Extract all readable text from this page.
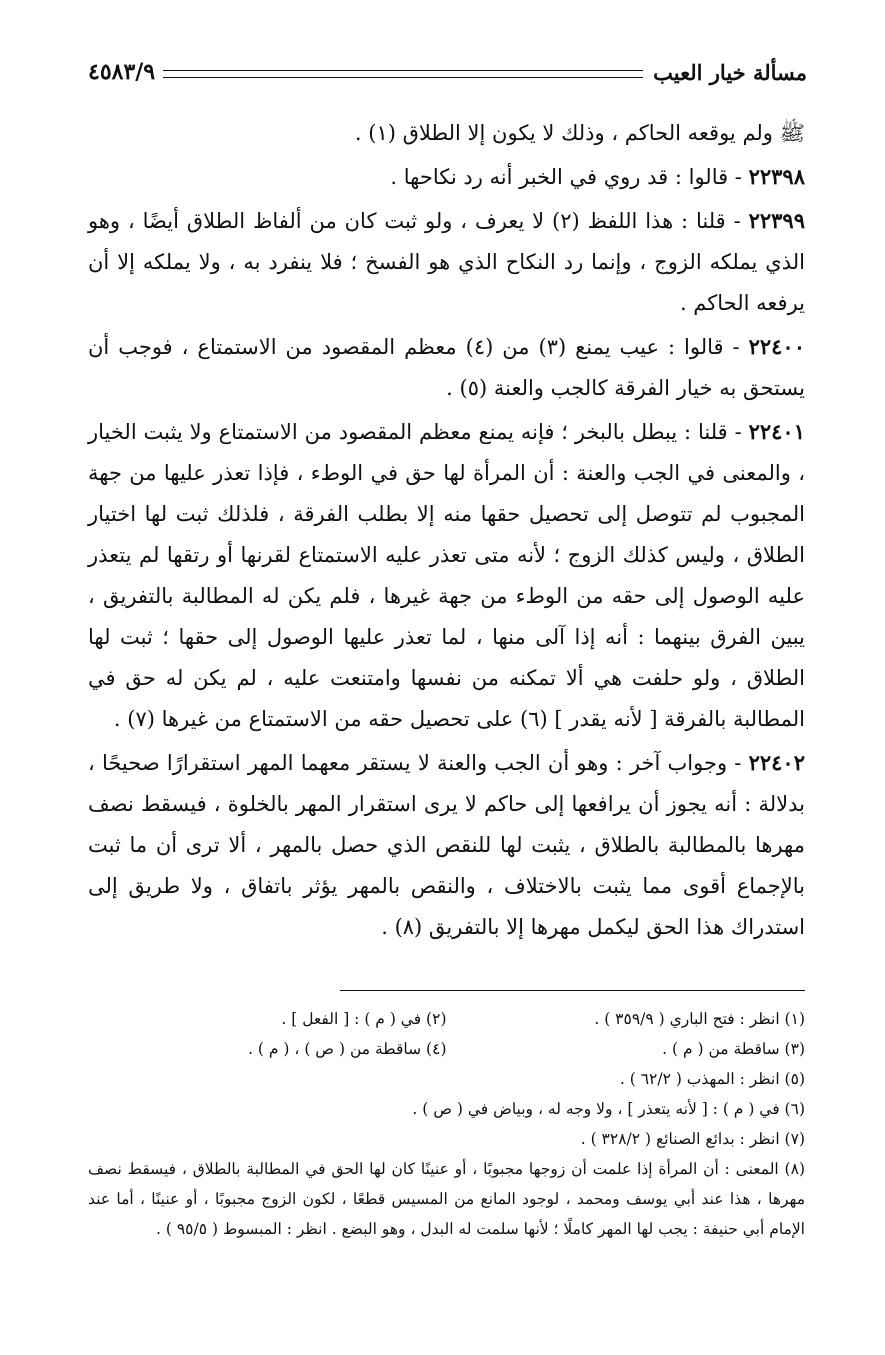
مسألة خيار العيب
٤٥٨٣/٩

ﷺ ولم يوقعه الحاكم ، وذلك لا يكون إلا الطلاق (١) .

٢٢٣٩٨ - قالوا : قد روي في الخبر أنه رد نكاحها .

٢٢٣٩٩ - قلنا : هذا اللفظ (٢) لا يعرف ، ولو ثبت كان من ألفاظ الطلاق أيضًا ، وهو الذي يملكه الزوج ، وإنما رد النكاح الذي هو الفسخ ؛ فلا ينفرد به ، ولا يملكه إلا أن يرفعه الحاكم .

٢٢٤٠٠ - قالوا : عيب يمنع (٣) من (٤) معظم المقصود من الاستمتاع ، فوجب أن يستحق به خيار الفرقة كالجب والعنة (٥) .

٢٢٤٠١ - قلنا : يبطل بالبخر ؛ فإنه يمنع معظم المقصود من الاستمتاع ولا يثبت الخيار ، والمعنى في الجب والعنة : أن المرأة لها حق في الوطء ، فإذا تعذر عليها من جهة المجبوب لم تتوصل إلى تحصيل حقها منه إلا بطلب الفرقة ، فلذلك ثبت لها اختيار الطلاق ، وليس كذلك الزوج ؛ لأنه متى تعذر عليه الاستمتاع لقرنها أو رتقها لم يتعذر عليه الوصول إلى حقه من الوطء من جهة غيرها ، فلم يكن له المطالبة بالتفريق ، يبين الفرق بينهما : أنه إذا آلى منها ، لما تعذر عليها الوصول إلى حقها ؛ ثبت لها الطلاق ، ولو حلفت هي ألا تمكنه من نفسها وامتنعت عليه ، لم يكن له حق في المطالبة بالفرقة [ لأنه يقدر ] (٦) على تحصيل حقه من الاستمتاع من غيرها (٧) .

٢٢٤٠٢ - وجواب آخر : وهو أن الجب والعنة لا يستقر معهما المهر استقرارًا صحيحًا ، بدلالة : أنه يجوز أن يرافعها إلى حاكم لا يرى استقرار المهر بالخلوة ، فيسقط نصف مهرها بالمطالبة بالطلاق ، يثبت لها للنقص الذي حصل بالمهر ، ألا ترى أن ما ثبت بالإجماع أقوى مما يثبت بالاختلاف ، والنقص بالمهر يؤثر باتفاق ، ولا طريق إلى استدراك هذا الحق ليكمل مهرها إلا بالتفريق (٨) .

(١) انظر : فتح الباري ( ٣٥٩/٩ ) .
(٢) في ( م ) : [ الفعل ] .
(٣) ساقطة من ( م ) .
(٤) ساقطة من ( ص ) ، ( م ) .
(٥) انظر : المهذب ( ٦٢/٢ ) .
(٦) في ( م ) : [ لأنه يتعذر ] ، ولا وجه له ، وبياض في ( ص ) .
(٧) انظر : بدائع الصنائع ( ٣٢٨/٢ ) .
(٨) المعنى : أن المرأة إذا علمت أن زوجها مجبوبًا ، أو عنينًا كان لها الحق في المطالبة بالطلاق ، فيسقط نصف مهرها ، هذا عند أبي يوسف ومحمد ، لوجود المانع من المسيس قطعًا ، لكون الزوج مجبوبًا ، أو عنينًا ، أما عند الإمام أبي حنيفة : يجب لها المهر كاملًا ؛ لأنها سلمت له البدل ، وهو البضع . انظر : المبسوط ( ٩٥/٥ ) .
